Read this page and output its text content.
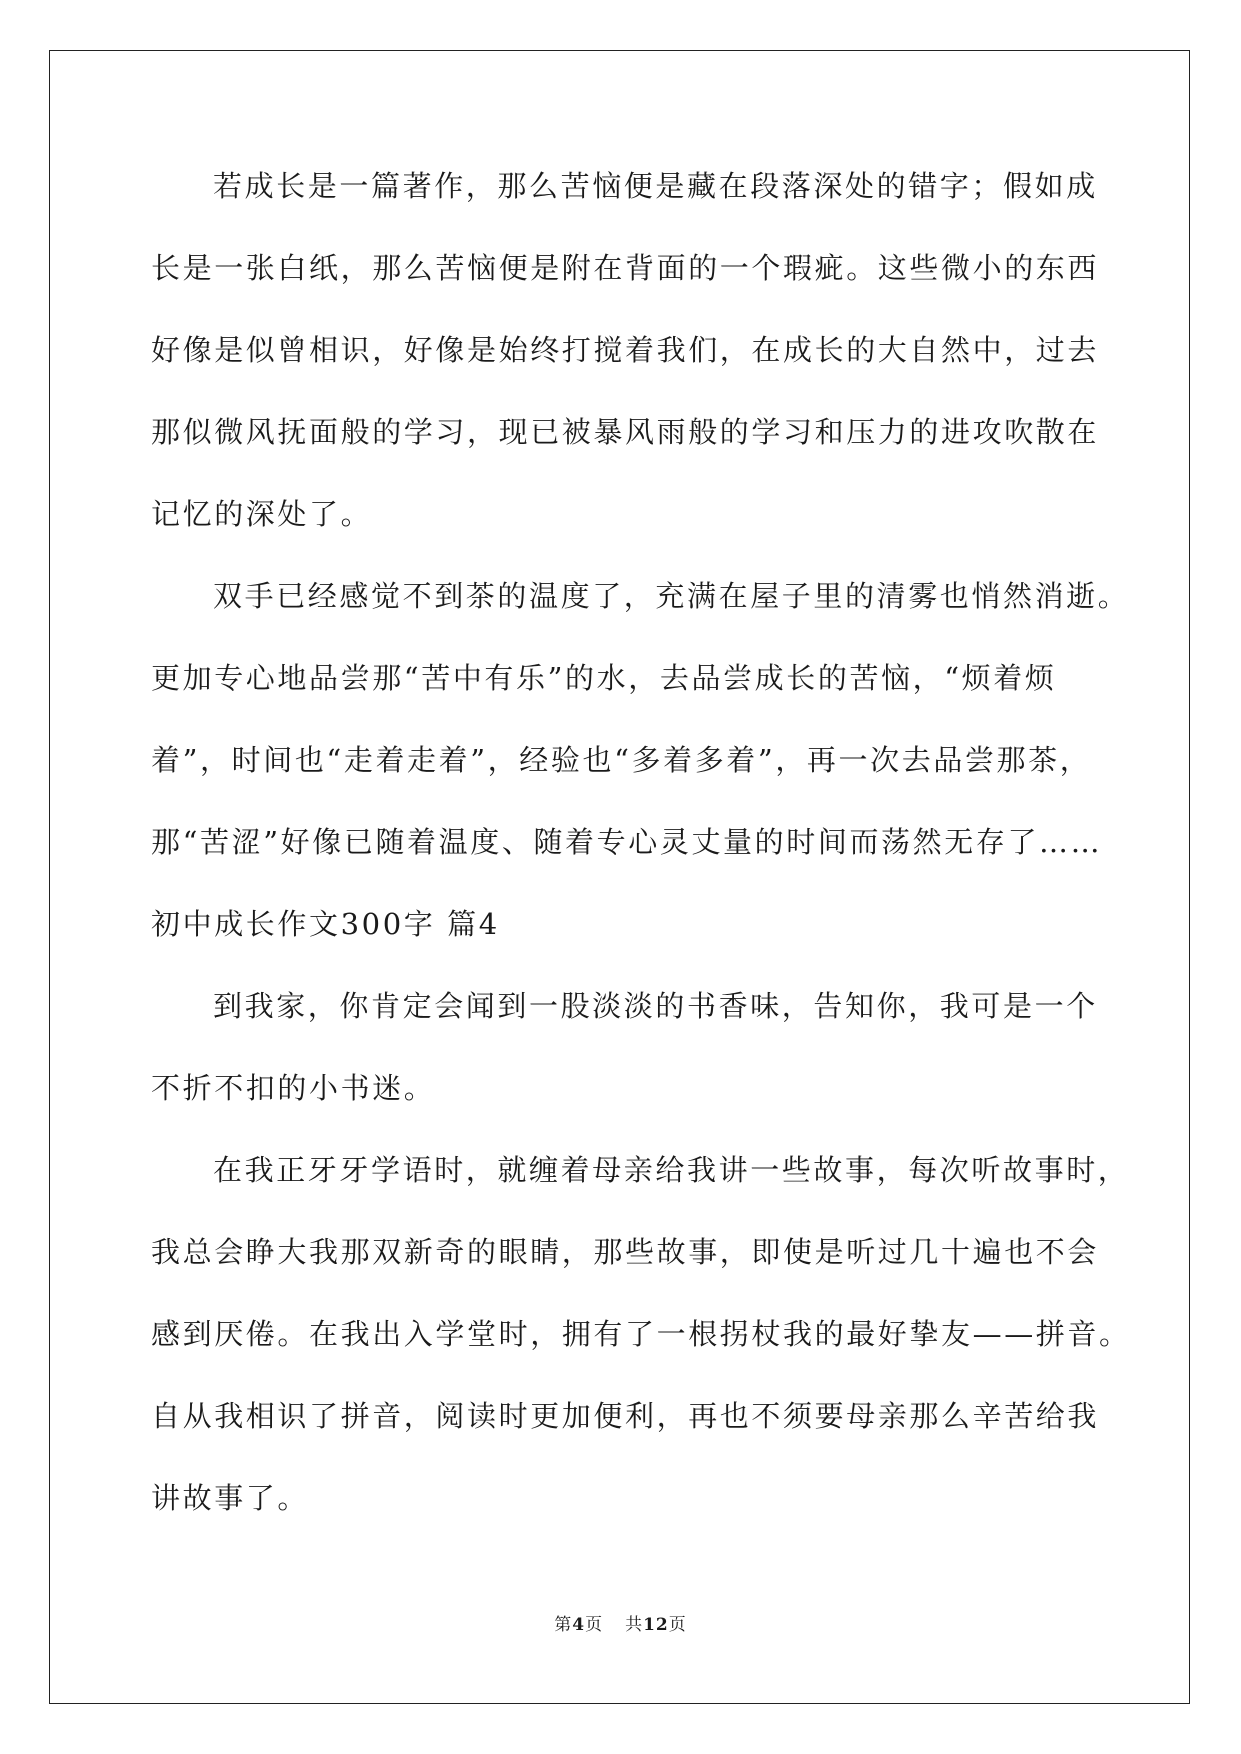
若成长是一篇著作，那么苦恼便是藏在段落深处的错字；假如成
长是一张白纸，那么苦恼便是附在背面的一个瑕疵。这些微小的东西
好像是似曾相识，好像是始终打搅着我们，在成长的大自然中，过去
那似微风抚面般的学习，现已被暴风雨般的学习和压力的进攻吹散在
记忆的深处了。
双手已经感觉不到茶的温度了，充满在屋子里的清雾也悄然消逝。
更加专心地品尝那“苦中有乐”的水，去品尝成长的苦恼，“烦着烦
着”，时间也“走着走着”，经验也“多着多着”，再一次去品尝那茶，
那“苦涩”好像已随着温度、随着专心灵丈量的时间而荡然无存了……
初中成长作文300字 篇4
到我家，你肯定会闻到一股淡淡的书香味，告知你，我可是一个
不折不扣的小书迷。
在我正牙牙学语时，就缠着母亲给我讲一些故事，每次听故事时，
我总会睁大我那双新奇的眼睛，那些故事，即使是听过几十遍也不会
感到厌倦。在我出入学堂时，拥有了一根拐杖我的最好挚友——拼音。
自从我相识了拼音，阅读时更加便利，再也不须要母亲那么辛苦给我
讲故事了。
第4页 共12页
